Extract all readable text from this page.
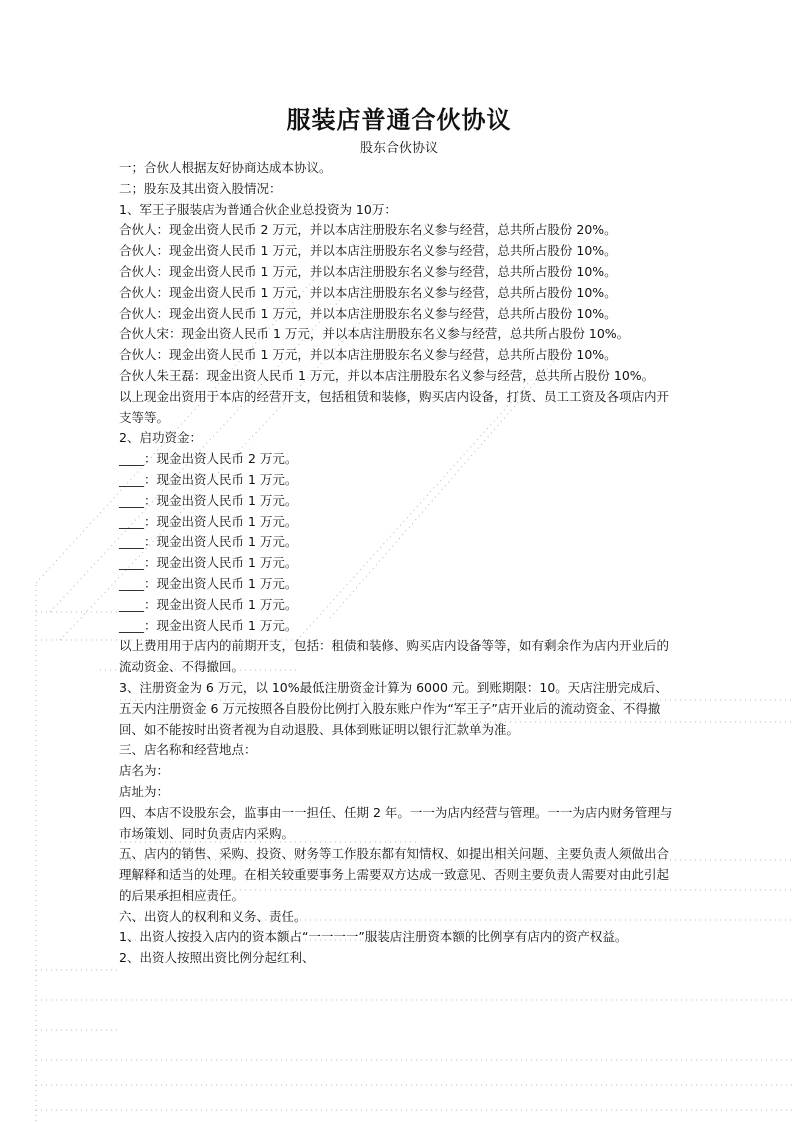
服装店普通合伙协议
股东合伙协议
一；合伙人根据友好协商达成本协议。
二；股东及其出资入股情况：
1、军王子服装店为普通合伙企业总投资为 10万：
合伙人：现金出资人民币 2 万元，并以本店注册股东名义参与经营，总共所占股份 20%。
合伙人：现金出资人民币 1 万元，并以本店注册股东名义参与经营，总共所占股份 10%。
合伙人：现金出资人民币 1 万元，并以本店注册股东名义参与经营，总共所占股份 10%。
合伙人：现金出资人民币 1 万元，并以本店注册股东名义参与经营，总共所占股份 10%。
合伙人：现金出资人民币 1 万元，并以本店注册股东名义参与经营，总共所占股份 10%。
合伙人宋：现金出资人民币 1 万元，并以本店注册股东名义参与经营，总共所占股份 10%。
合伙人：现金出资人民币 1 万元，并以本店注册股东名义参与经营，总共所占股份 10%。
合伙人朱王磊：现金出资人民币 1 万元，并以本店注册股东名义参与经营，总共所占股份 10%。
以上现金出资用于本店的经营开支，包括租赁和装修，购买店内设备，打货、员工工资及各项店内开支等等。
2、启功资金：
____：现金出资人民币 2 万元。
____：现金出资人民币 1 万元。
____：现金出资人民币 1 万元。
____：现金出资人民币 1 万元。
____：现金出资人民币 1 万元。
____：现金出资人民币 1 万元。
____：现金出资人民币 1 万元。
____：现金出资人民币 1 万元。
____：现金出资人民币 1 万元。
以上费用用于店内的前期开支，包括：租债和装修、购买店内设备等等，如有剩余作为店内开业后的流动资金、不得撤回。
3、注册资金为 6 万元，以 10%最低注册资金计算为 6000 元。到账期限：10。天店注册完成后、五天内注册资金 6 万元按照各自股份比例打入股东账户作为“军王子”店开业后的流动资金、不得撤回、如不能按时出资者视为自动退股、具体到账证明以银行汇款单为准。
三、店名称和经营地点：
店名为：
店址为：
四、本店不设股东会，监事由一一担任、任期 2 年。一一为店内经营与管理。一一为店内财务管理与市场策划、同时负责店内采购。
五、店内的销售、采购、投资、财务等工作股东都有知情权、如提出相关问题、主要负责人须做出合理解释和适当的处理。在相关较重要事务上需要双方达成一致意见、否则主要负责人需要对由此引起的后果承担相应责任。
六、出资人的权利和义务、责任。
1、出资人按投入店内的资本额占“一一一一”服装店注册资本额的比例享有店内的资产权益。
2、出资人按照出资比例分起红利、
